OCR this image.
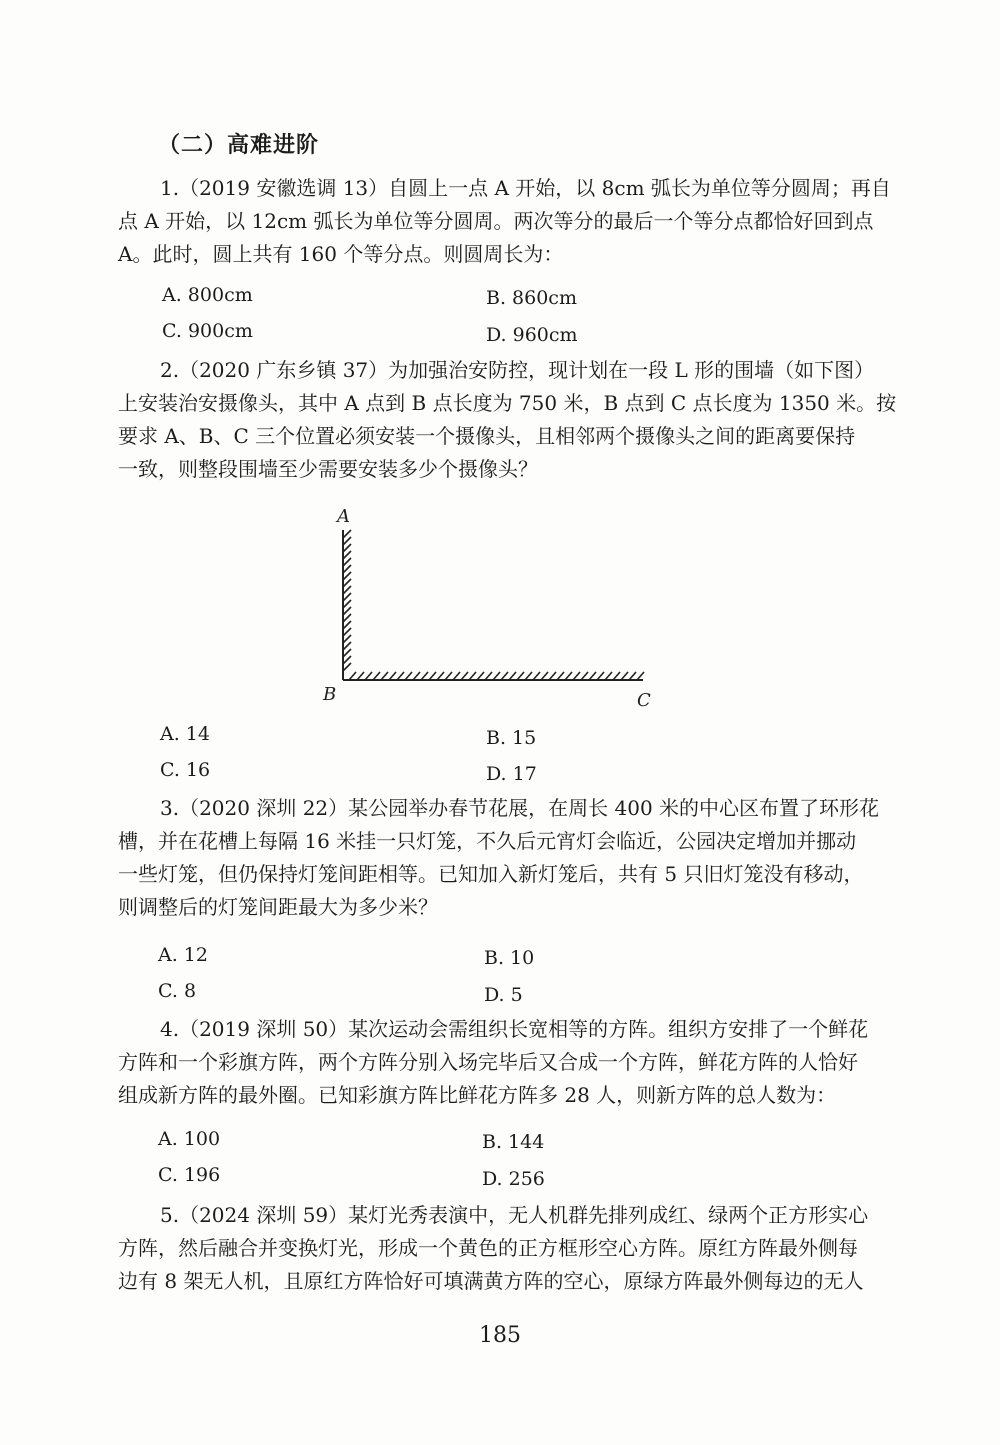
（二）高难进阶
1.（2019 安徽选调 13）自圆上一点 A 开始，以 8cm 弧长为单位等分圆周；再自
点 A 开始，以 12cm 弧长为单位等分圆周。两次等分的最后一个等分点都恰好回到点
A。此时，圆上共有 160 个等分点。则圆周长为：
A. 800cm	B. 860cm
C. 900cm	D. 960cm
2.（2020 广东乡镇 37）为加强治安防控，现计划在一段 L 形的围墙（如下图）
上安装治安摄像头，其中 A 点到 B 点长度为 750 米，B 点到 C 点长度为 1350 米。按
要求 A、B、C 三个位置必须安装一个摄像头，且相邻两个摄像头之间的距离要保持
一致，则整段围墙至少需要安装多少个摄像头？
A
B	C
A. 14	B. 15
C. 16	D. 17
3.（2020 深圳 22）某公园举办春节花展，在周长 400 米的中心区布置了环形花
槽，并在花槽上每隔 16 米挂一只灯笼，不久后元宵灯会临近，公园决定增加并挪动
一些灯笼，但仍保持灯笼间距相等。已知加入新灯笼后，共有 5 只旧灯笼没有移动，
则调整后的灯笼间距最大为多少米？
A. 12	B. 10
C. 8	D. 5
4.（2019 深圳 50）某次运动会需组织长宽相等的方阵。组织方安排了一个鲜花
方阵和一个彩旗方阵，两个方阵分别入场完毕后又合成一个方阵，鲜花方阵的人恰好
组成新方阵的最外圈。已知彩旗方阵比鲜花方阵多 28 人，则新方阵的总人数为：
A. 100	B. 144
C. 196	D. 256
5.（2024 深圳 59）某灯光秀表演中，无人机群先排列成红、绿两个正方形实心
方阵，然后融合并变换灯光，形成一个黄色的正方框形空心方阵。原红方阵最外侧每
边有 8 架无人机，且原红方阵恰好可填满黄方阵的空心，原绿方阵最外侧每边的无人
185
